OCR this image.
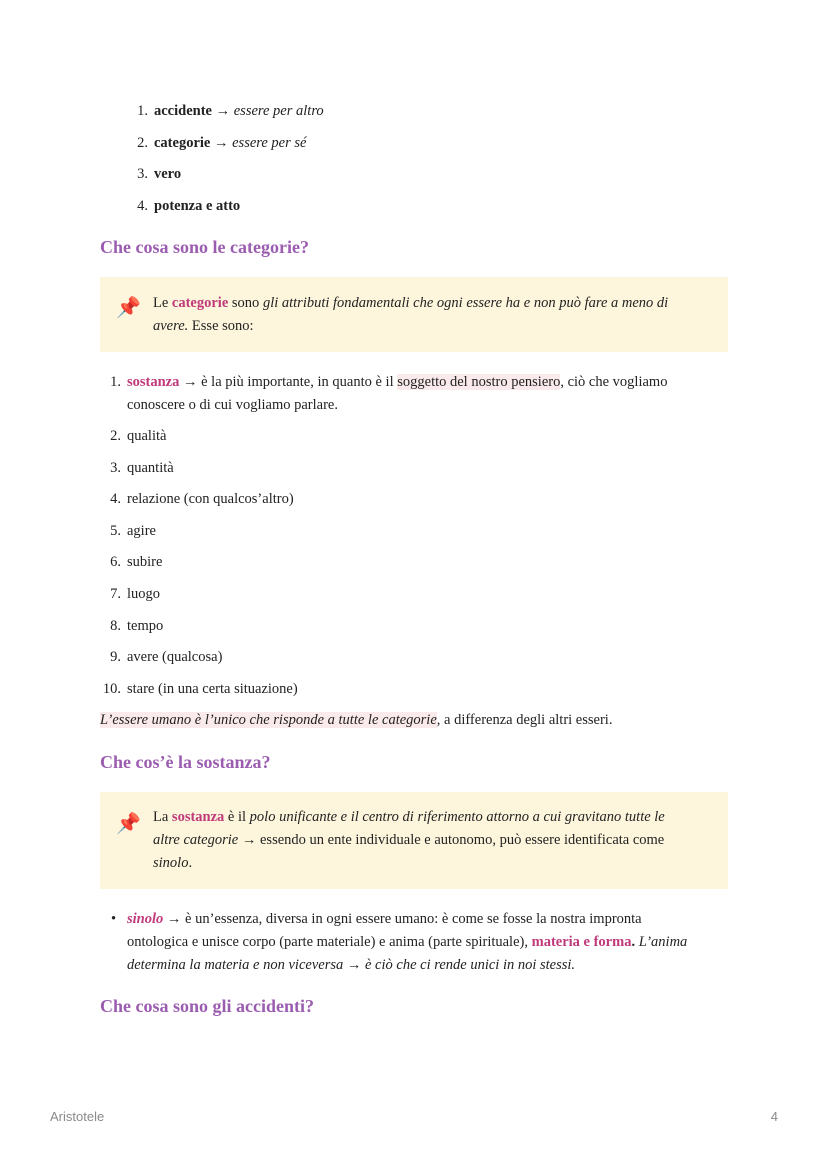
1. accidente
→
essere per altro
2. categorie
→
essere per sé
3. vero
4. potenza e atto
Che cosa sono le categorie?
📌 Le categorie sono gli attributi fondamentali che ogni essere ha e non può fare a meno di avere. Esse sono:
1. sostanza → è la più importante, in quanto è il soggetto del nostro pensiero, ciò che vogliamo
conoscere o di cui vogliamo parlare.
2. qualità
3. quantità
4. relazione (con qualcos’altro)
5. agire
6. subire
7. luogo
8. tempo
9. avere (qualcosa)
10. stare (in una certa situazione)

L’essere umano è l’unico che risponde a tutte le categorie, a differenza degli altri esseri.

Che cos’è la sostanza?
📌 La sostanza è il polo unificante e il centro di riferimento attorno a cui gravitano tutte le
altre categorie → essendo un ente individuale e autonomo, può essere identificata come
sinolo.
• sinolo → è un’essenza, diversa in ogni essere umano: è come se fosse la nostra impronta
ontologica e unisce corpo (parte materiale) e anima (parte spirituale), materia e forma. L’anima
determina la materia e non viceversa → è ciò che ci rende unici in noi stessi.
Che cosa sono gli accidenti?
Aristotele	4
